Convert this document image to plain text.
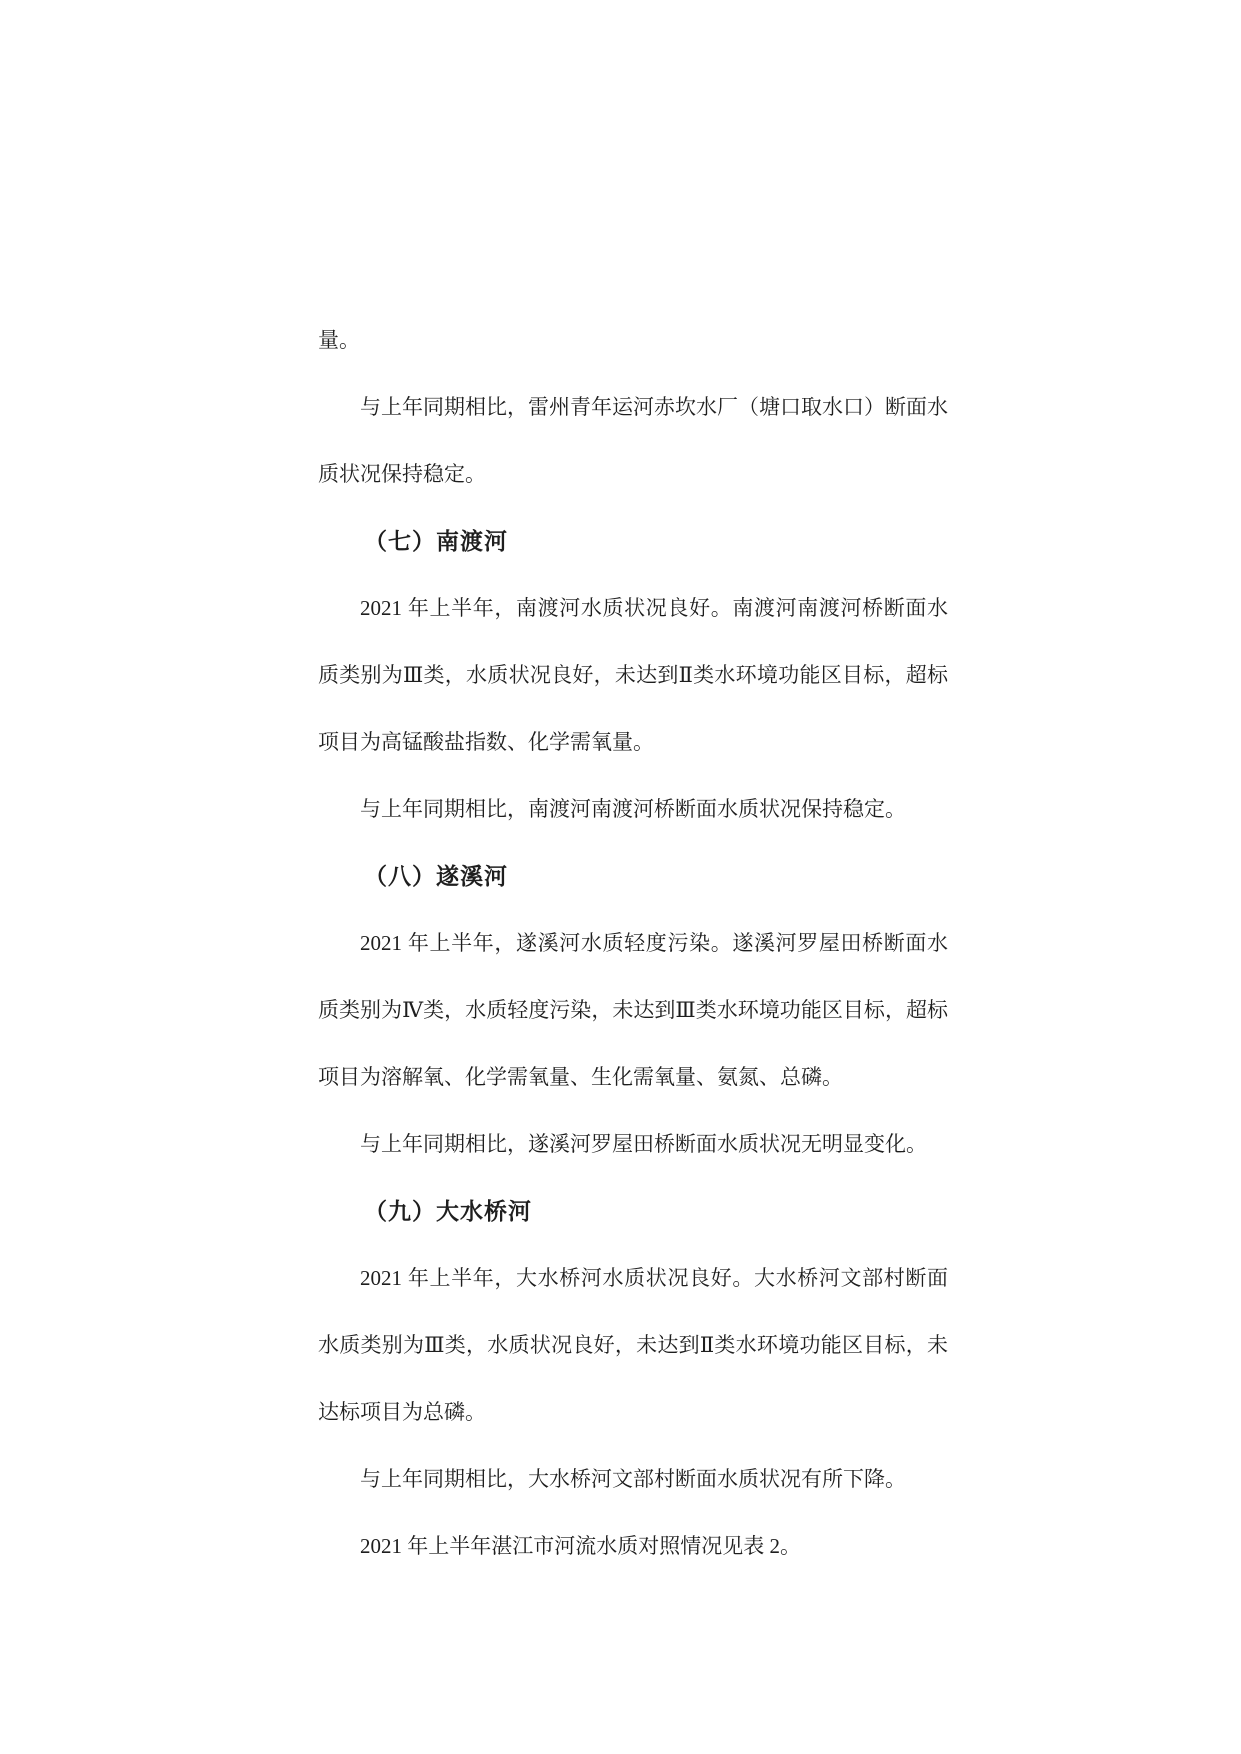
量。

与上年同期相比，雷州青年运河赤坎水厂（塘口取水口）断面水质状况保持稳定。

（七）南渡河

2021 年上半年，南渡河水质状况良好。南渡河南渡河桥断面水质类别为Ⅲ类，水质状况良好，未达到Ⅱ类水环境功能区目标，超标项目为高锰酸盐指数、化学需氧量。

与上年同期相比，南渡河南渡河桥断面水质状况保持稳定。

（八）遂溪河

2021 年上半年，遂溪河水质轻度污染。遂溪河罗屋田桥断面水质类别为Ⅳ类，水质轻度污染，未达到Ⅲ类水环境功能区目标，超标项目为溶解氧、化学需氧量、生化需氧量、氨氮、总磷。

与上年同期相比，遂溪河罗屋田桥断面水质状况无明显变化。

（九）大水桥河

2021 年上半年，大水桥河水质状况良好。大水桥河文部村断面水质类别为Ⅲ类，水质状况良好，未达到Ⅱ类水环境功能区目标，未达标项目为总磷。

与上年同期相比，大水桥河文部村断面水质状况有所下降。

2021 年上半年湛江市河流水质对照情况见表 2。
